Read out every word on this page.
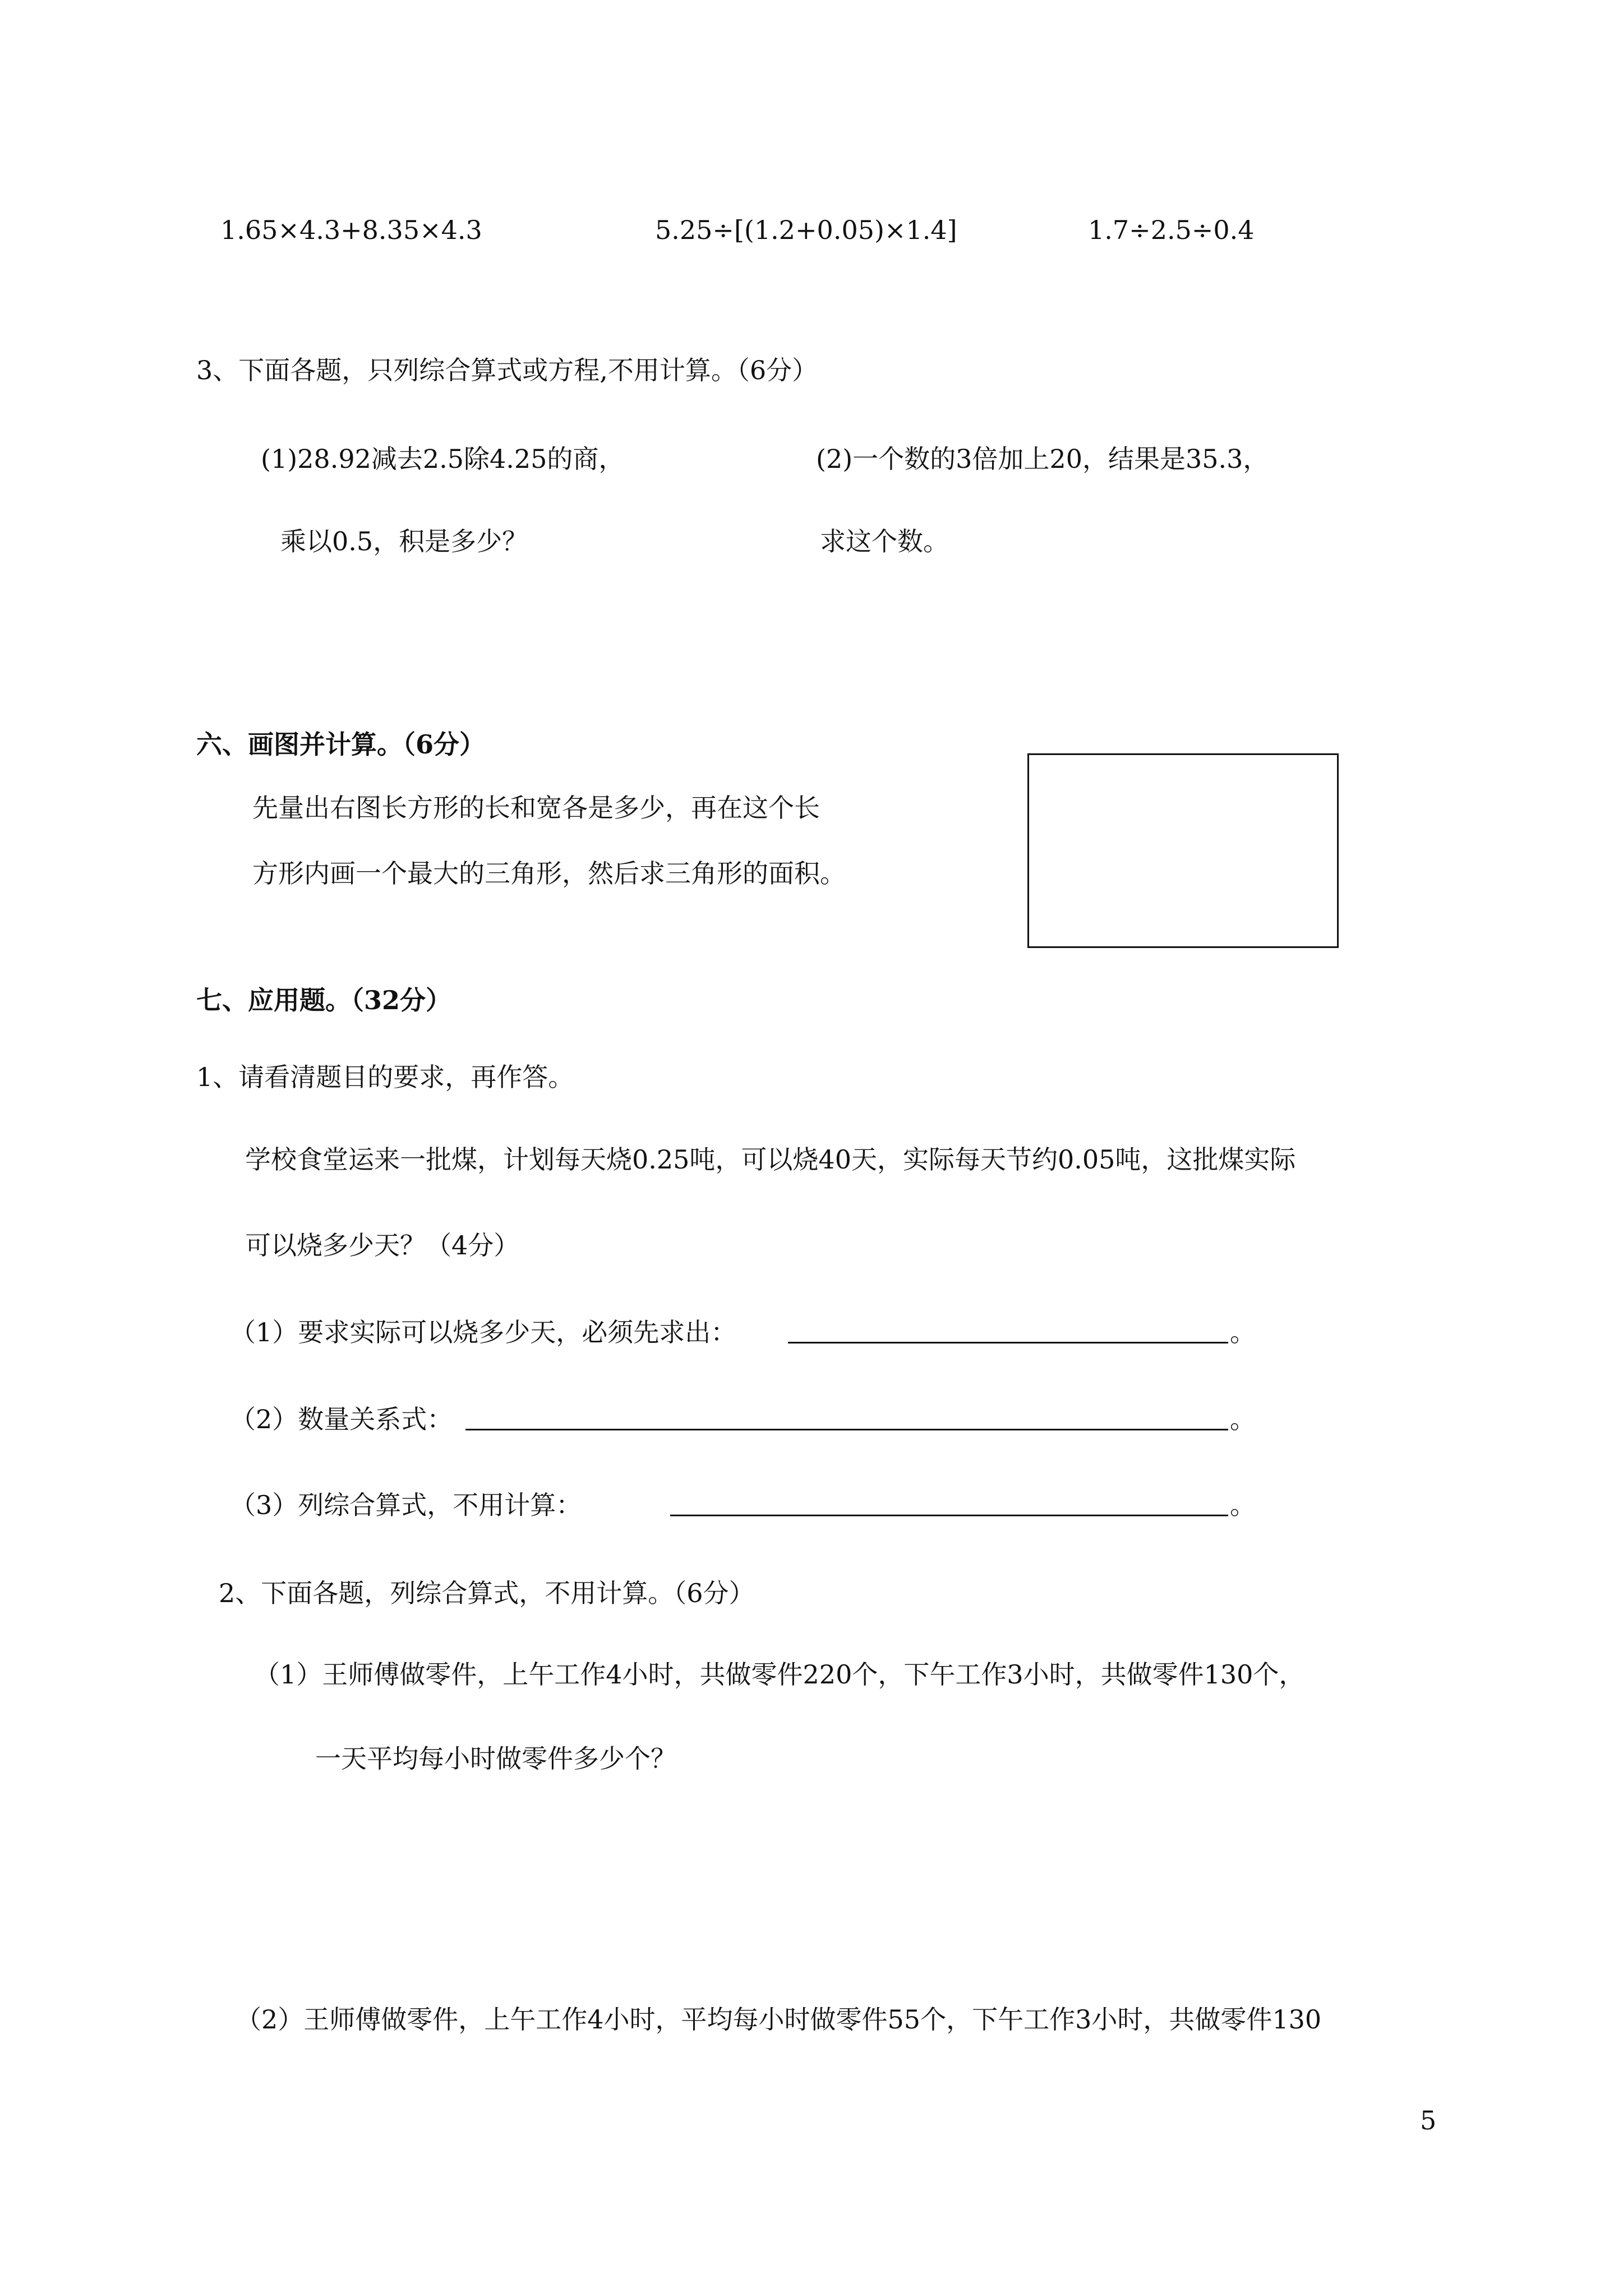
1.65×4.3+8.35×4.3	5.25÷[(1.2+0.05)×1.4]	1.7÷2.5÷0.4
3、下面各题，只列综合算式或方程,不用计算。（6分）
(1)28.92减去2.5除4.25的商，
乘以0.5，积是多少？
(2)一个数的3倍加上20，结果是35.3，
求这个数。
六、画图并计算。（6分）
先量出右图长方形的长和宽各是多少，再在这个长
方形内画一个最大的三角形，然后求三角形的面积。
七、应用题。（32分）
1、请看清题目的要求，再作答。
学校食堂运来一批煤，计划每天烧0.25吨，可以烧40天，实际每天节约0.05吨，这批煤实际
可以烧多少天？（4分）
（1）要求实际可以烧多少天，必须先求出：	。
（2）数量关系式：	。
（3）列综合算式，不用计算：	。
2、下面各题，列综合算式，不用计算。（6分）
（1）王师傅做零件，上午工作4小时，共做零件220个，下午工作3小时，共做零件130个，
一天平均每小时做零件多少个？
（2）王师傅做零件，上午工作4小时，平均每小时做零件55个，下午工作3小时，共做零件130
5
